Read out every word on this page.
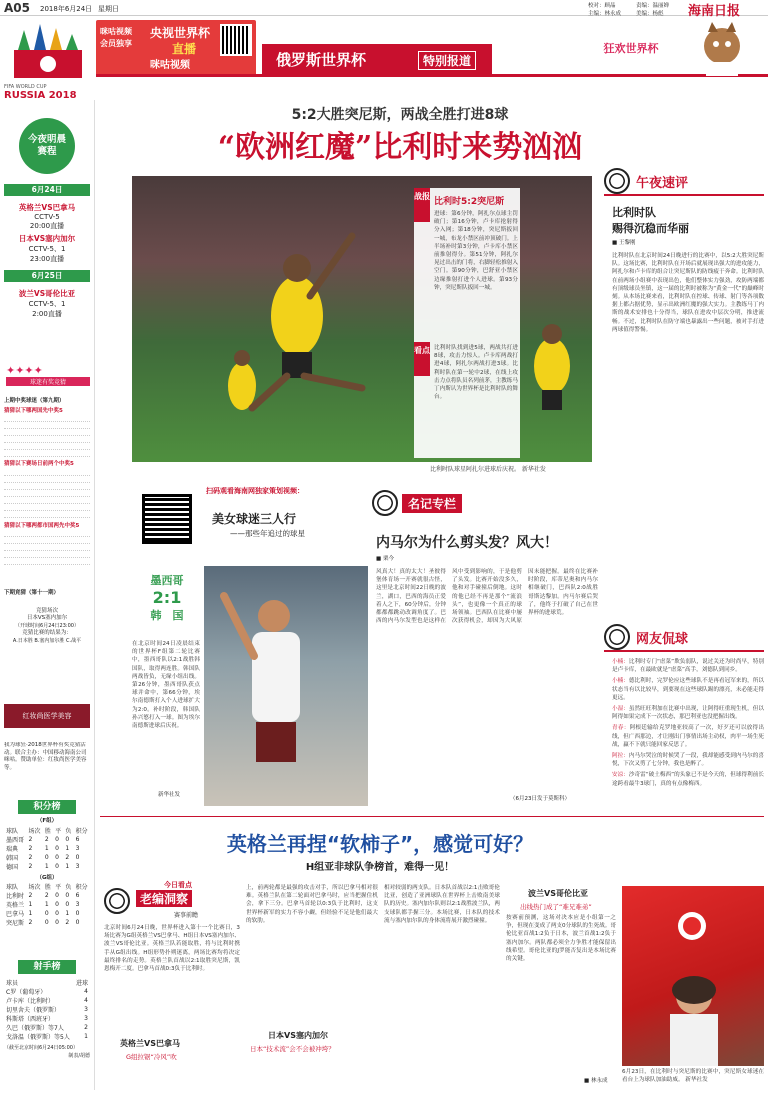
A05 2018年6月24日 星期日
主编：林永成
责编：温丽婵
美编：杨彪
校对：顾晶	海南日报
FIFA WORLD CUP
RUSSIA 2018
咪咕视频
会员独享
央视世界杯
直播
咪咕视频	俄罗斯世界杯	特别报道
狂欢世界杯
今夜明晨赛程
6月24日
英格兰VS巴拿马
CCTV-5
20:00直播
日本VS塞内加尔
CCTV-5、1
23:00直播
6月25日
波兰VS哥伦比亚
CCTV-5、1
2:00直播
✦✦✦✦
球迷有奖竞猜
上期中奖球迷（第九期）
猜猜以下哪两国先中奖5
猜猜以下赛场日前两个中奖5
猜猜以下哪两都市国两先中奖5
下期竞猜（第十一期）
竞猜场次
日本VS塞内加尔
（开球时间6月24日23:00）
竞猜比赛的结果为：
A.日本胜 B.塞内加尔胜 C.战平
红妆尚医学美容
我为球狂·2018世界杯有奖竞猜活动。联合主办：中国移动海南公司咪咕。赞助单位：红妆尚医学美容等。
积分榜
（F组）
球队	场次	胜	平	负	积分
墨西哥	2	2	0	0	6
瑞典	2	1	0	1	3
韩国	2	0	0	2	0
德国	2	1	0	1	3
（G组）
球队	场次	胜	平	负	积分
比利时	2	2	0	0	6
英格兰	1	1	0	0	3
巴拿马	1	0	0	1	0
突尼斯	2	0	0	2	0
射手榜
球员	进球
C罗（葡萄牙）	4
卢卡库（比利时）	4
切里舍夫（俄罗斯）	3
科斯塔（西班牙）	3
久巴（俄罗斯）等7人	2
戈洛温（俄罗斯）等5人	1
（截至北京时间6月24日05:00）
制表/胡德
5:2大胜突尼斯，两战全胜打进8球
“欧洲红魔”比利时来势汹汹
比利时队球星阿扎尔进球后庆祝。 新华社发
战报
比利时5:2突尼斯
进球：第6分钟，阿扎尔点球主罚破门；第16分钟，卢卡库抢射得分入网；第18分钟，突尼斯扳回一城，布龙小禁区前冲顶破门。上半场补时第3分钟，卢卡库小禁区前推射得分。第51分钟，阿扎尔晃过出击的门将，右脚轻松推射入空门。第90分钟，巴舒亚小禁区边缘推射打进个人进球。第93分钟，突尼斯队扳回一城。
看点 比利时队找到进5球，两战共打进8球，攻击力惊人。卢卡库两战打进4球，阿扎尔两战打进3球。比利时队在第一轮中2球，在线上攻击力点将队员名列前茅，主教练马丁内斯认为世界杯是比利时队的舞台。
午夜速评
比利时队
赐得沉稳而华丽
■ 王黎刚
比利时队在北京时间24日晚进行的比赛中，以5:2大胜突尼斯队。这场比赛，比利时队在开场后就展现出强大的进攻能力，阿扎尔和卢卡库的组合让突尼斯队的防线疲于奔命。比利时队在前两场小组赛中表现出色，他们整体实力强劲，攻防两端都有顶级球员坐镇，这一届的比利时被称为“黄金一代”的巅峰时刻。从本场比赛来看，比利时队在控球、传球、射门等各项数据上都占据优势，显示出欧洲红魔的强大实力。主教练马丁内斯的战术安排也十分得当，球队在进攻中层次分明，推进流畅。不过，比利时队在防守端也暴露出一些问题，被对手打进两球值得警惕。
网友侃球
小楠：比利时专门“虐菜”欺负弱队，说过关还为时尚早，特别是卢卡库，在最欧就是“虐菜”高手，刘德队到同乡。
小楠：德比利时，完罗伦应这些球队不是再看冠军来的，所以状态当有以比较早，到要现在这些球队踢的漂亮，未必能走得更远。
小湿：虽然旺旺利加在比赛中出现，让阿得旺重现生机，但以阿得如果完成下一次状态，那巴利亚也没把握出线。
青春：阿根廷输给克罗地亚较高了一次，好歹还可以放得出线，但广西那边，才让刚出门事情出场主动权，肉平一场生死战，赢不下就只能回家反思了。
阿拉：内马尔哭泣的时候哭了一段，我却能感受到内马尔的喜悦，下次又剪了七分钟，我也是醉了。
安凉：沙奇雷“破土梅西”的头象已不是今天的，但球得利前长途跨看最牛3球门，真的有点像梅西。
扫码观看海南网独家策划视频：
美女球迷三人行
——那些年追过的球星
墨西哥
2:1
韩　国
在北京时间24日凌晨结束的世界杯F组第二轮比赛中，墨西哥队以2:1战胜韩国队，取得两连胜。韩国队两战皆负，无缘小组出线。第26分钟，墨西哥队获点球并命中，第66分钟，埃尔南德斯打入个人进球扩大为2:0。补时阶段，韩国队孙兴慜打入一球。图为埃尔南德斯进球后庆祝。
新华社发
名记专栏
内马尔为什么剪头发？风大！
■ 栗今
风真大！真的太大！圣彼得堡体育场一开赛就很古怪，这里是北京时间22日晚的波兰，湖口，巴西的海员正爱着人之下，60分钟后，分钟都都都跳动改调角度了。巴西的内马尔发型也是这样在风中受到影响的，于是他剪了头发。比赛开始没多久，他和对手碰撞后倒地。这时的他已经不再是那个“流浪头”，也更像一个真正的球场领袖。巴西队在比赛中屡次获得机会，却因为大风原因未能把握。最终在比赛补时阶段，库蒂尼奥和内马尔相继破门，巴西队2:0战胜哥斯达黎加。内马尔赛后哭了，他终于打破了自己在世界杯的进球荒。
（6月23日发于莫斯科）
英格兰再捏“软柿子”，感觉可好？
H组亚非球队争榜首，难得一见！
今日看点
老编洞察
赛事前瞻
北京时间6月24日晚，世界杯进入第十一个比赛日，3场比赛为G组英格兰VS巴拿马、H组日本VS塞内加尔、波兰VS哥伦比亚。英格兰队若能取胜，将与比利时携手从G组出线。H组形势扑朔迷离，两场比赛均将决定最终排名的走势。英格兰队首战以2:1取胜突尼斯，凯恩梅开二度。巴拿马首战0:3负于比利时。
英格兰VS巴拿马
G组拉锯“冷风”吹
上，前两轮都是最强的攻击对手，所以巴拿马相对很难。英格兰队在第二轮面对巴拿马时，应当把握住机会，拿下三分。巴拿马首轮以0:3负于比利时，这支世界杯新军的实力不容小觑，但经验不足是他们最大的软肋。
日本VS塞内加尔
日本“技术流”会不会被冲垮？
相对较弱的两支队。日本队首战以2:1击败哥伦比亚，创造了亚洲球队在世界杯上击败南美球队的历史。塞内加尔队则以2:1战胜波兰队，两支球队都手握三分。本场比赛，日本队的技术流与塞内加尔队的身体流将展开激烈碰撞。
波兰VS哥伦比亚
出线热门成了“难兄难弟”
按赛前预测，这场对决本应是小组第一之争，但现在变成了两支0分球队的生死战。哥伦比亚首战1:2负于日本，波兰首战1:2负于塞内加尔。两队都必须全力争胜才能保留出线希望。哥伦比亚的J罗能否复出是本场比赛的关键。
■ 林永成
6月23日，在比利时与突尼斯的比赛中，突尼斯女球迷在看台上为球队加油助威。 新华社发
